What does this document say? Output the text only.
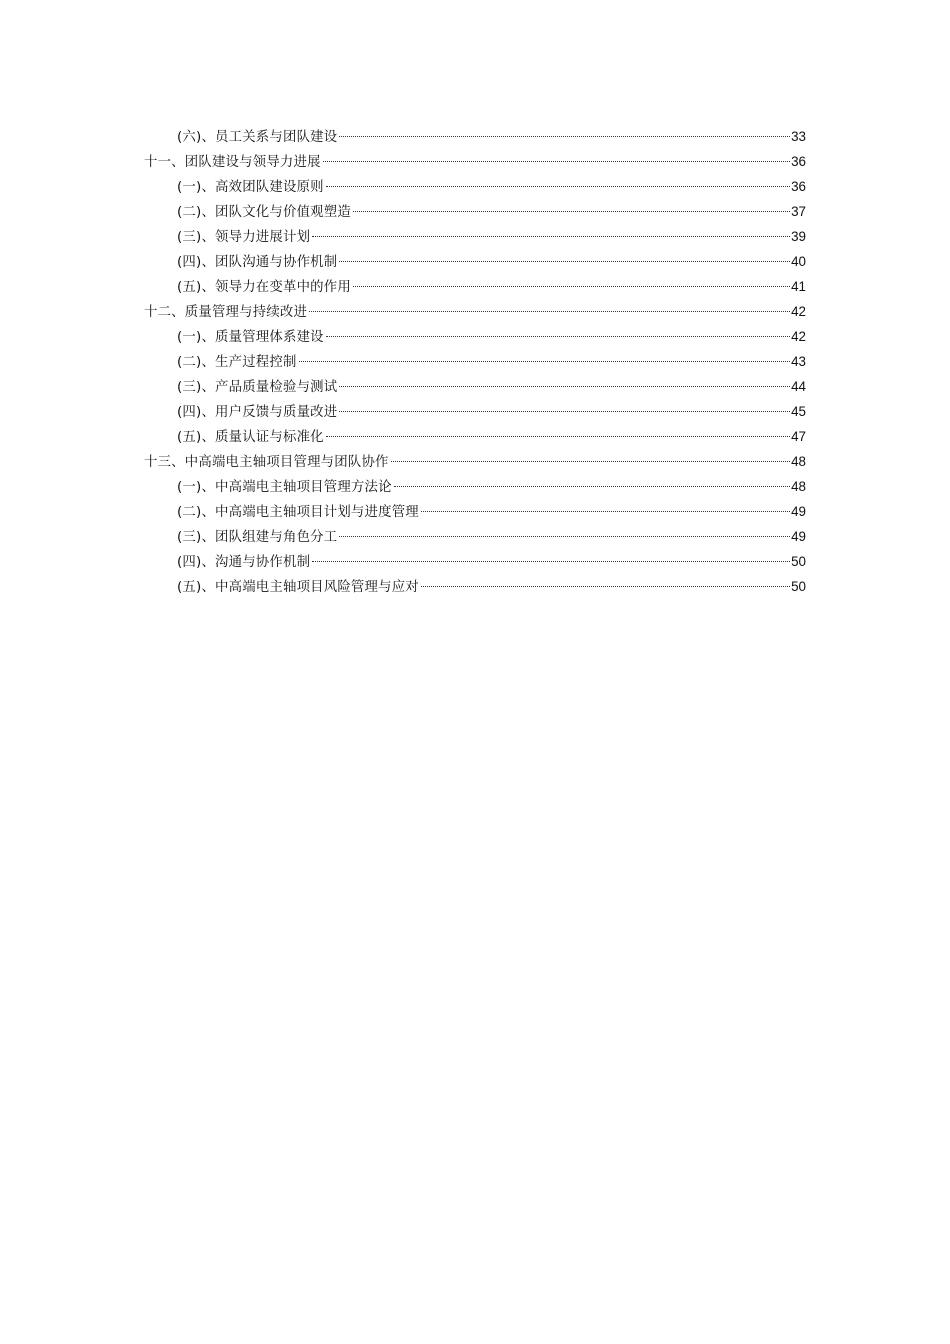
(六)、员工关系与团队建设	33
十一、团队建设与领导力进展	36
(一)、高效团队建设原则	36
(二)、团队文化与价值观塑造	37
(三)、领导力进展计划	39
(四)、团队沟通与协作机制	40
(五)、领导力在变革中的作用	41
十二、质量管理与持续改进	42
(一)、质量管理体系建设	42
(二)、生产过程控制	43
(三)、产品质量检验与测试	44
(四)、用户反馈与质量改进	45
(五)、质量认证与标准化	47
十三、中高端电主轴项目管理与团队协作	48
(一)、中高端电主轴项目管理方法论	48
(二)、中高端电主轴项目计划与进度管理	49
(三)、团队组建与角色分工	49
(四)、沟通与协作机制	50
(五)、中高端电主轴项目风险管理与应对	50
